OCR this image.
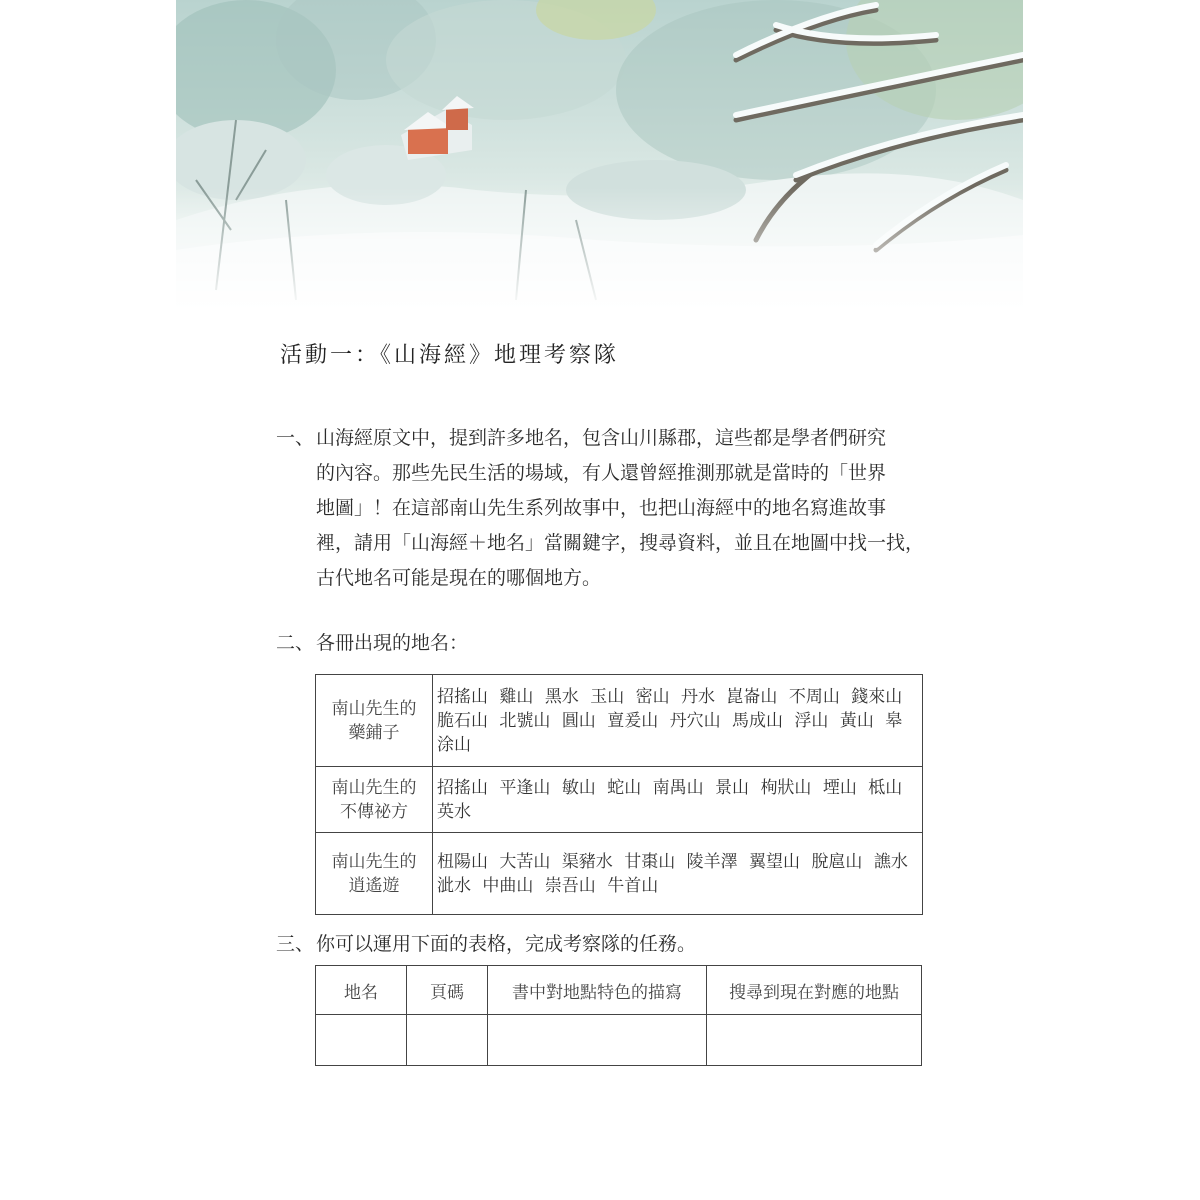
活動一：《山海經》地理考察隊
一、 山海經原文中，提到許多地名，包含山川縣郡，這些都是學者們研究
的內容。那些先民生活的場域，有人還曾經推測那就是當時的「世界
地圖」！在這部南山先生系列故事中，也把山海經中的地名寫進故事
裡，請用「山海經＋地名」當關鍵字，搜尋資料，並且在地圖中找一找，
古代地名可能是現在的哪個地方。
二、 各冊出現的地名：
南山先生的
藥鋪子	招搖山 雞山 黑水 玉山 密山 丹水 崑崙山 不周山 錢來山 脆石山 北號山 圓山 亶爰山 丹穴山 馬成山 浮山 黃山 皋涂山

南山先生的
不傳祕方	招搖山 平逢山 敏山 蛇山 南禺山 景山 栒狀山 堙山 柢山 英水

南山先生的
逍遙遊	杻陽山 大苦山 渠豬水 甘棗山 陵羊澤 翼望山 脫扈山 譙水 泚水 中曲山 崇吾山 牛首山
三、 你可以運用下面的表格，完成考察隊的任務。
地名	頁碼	書中對地點特色的描寫	搜尋到現在對應的地點
